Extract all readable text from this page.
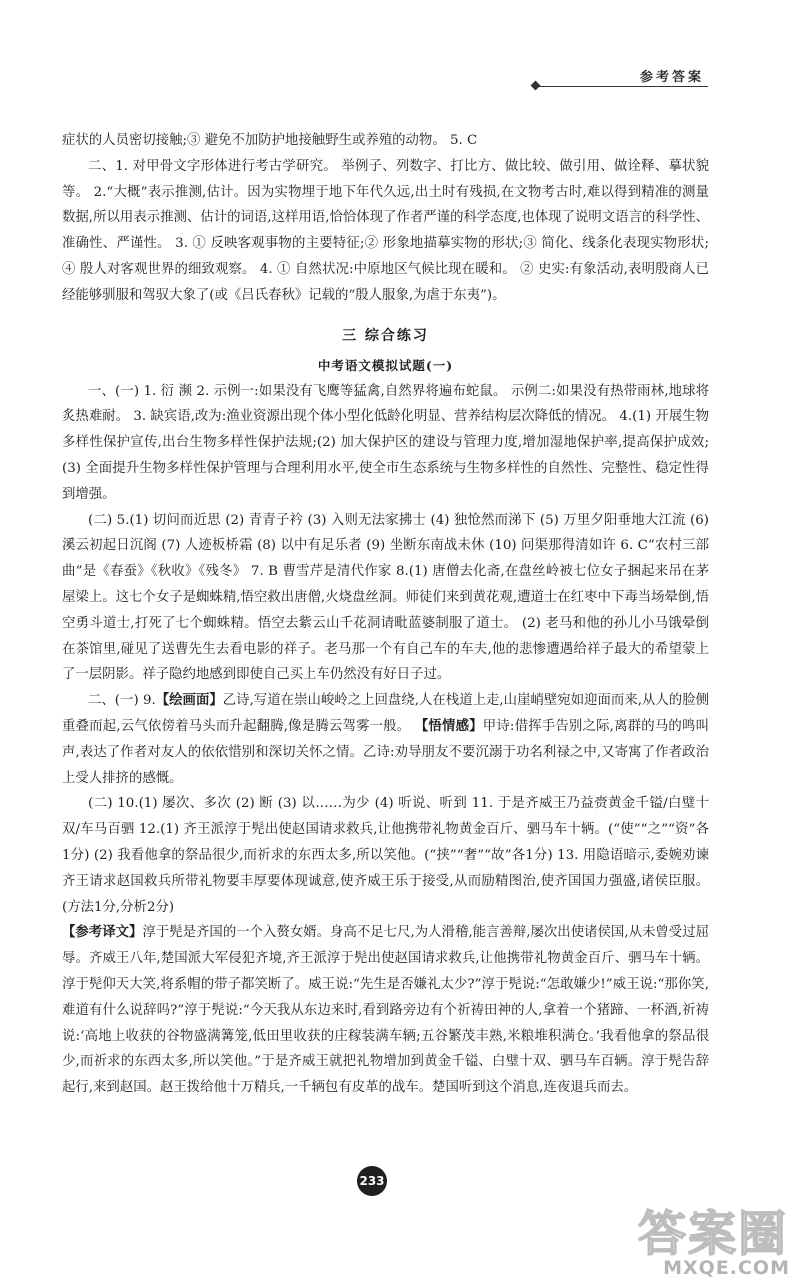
参考答案

症状的人员密切接触;③ 避免不加防护地接触野生或养殖的动物。 5. C

二、1. 对甲骨文字形体进行考古学研究。 举例子、列数字、打比方、做比较、做引用、做诠释、摹状貌等。 2.“大概”表示推测,估计。因为实物埋于地下年代久远,出土时有残损,在文物考古时,难以得到精准的测量数据,所以用表示推测、估计的词语,这样用语,恰恰体现了作者严谨的科学态度,也体现了说明文语言的科学性、准确性、严谨性。 3. ① 反映客观事物的主要特征;② 形象地描摹实物的形状;③ 简化、线条化表现实物形状;④ 殷人对客观世界的细致观察。 4. ① 自然状况:中原地区气候比现在暖和。 ② 史实:有象活动,表明殷商人已经能够驯服和驾驭大象了(或《吕氏春秋》记载的“殷人服象,为虐于东夷”)。

三 综合练习
中考语文模拟试题(一)

一、(一) 1. 衍 濒 2. 示例一:如果没有飞鹰等猛禽,自然界将遍布蛇鼠。 示例二:如果没有热带雨林,地球将炙热难耐。 3. 缺宾语,改为:渔业资源出现个体小型化低龄化明显、营养结构层次降低的情况。 4.(1) 开展生物多样性保护宣传,出台生物多样性保护法规;(2) 加大保护区的建设与管理力度,增加湿地保护率,提高保护成效;(3) 全面提升生物多样性保护管理与合理利用水平,使全市生态系统与生物多样性的自然性、完整性、稳定性得到增强。

(二) 5.(1) 切问而近思 (2) 青青子衿 (3) 入则无法家拂士 (4) 独怆然而涕下 (5) 万里夕阳垂地大江流 (6) 溪云初起日沉阁 (7) 人迹板桥霜 (8) 以中有足乐者 (9) 坐断东南战未休 (10) 问渠那得清如许 6. C“农村三部曲”是《春蚕》《秋收》《残冬》 7. B 曹雪芹是清代作家 8.(1) 唐僧去化斋,在盘丝岭被七位女子捆起来吊在茅屋梁上。这七个女子是蜘蛛精,悟空救出唐僧,火烧盘丝洞。师徒们来到黄花观,遭道士在红枣中下毒当场晕倒,悟空勇斗道士,打死了七个蜘蛛精。悟空去紫云山千花洞请毗蓝婆制服了道士。 (2) 老马和他的孙儿小马饿晕倒在茶馆里,碰见了送曹先生去看电影的祥子。老马那一个有自己车的车夫,他的悲惨遭遇给祥子最大的希望蒙上了一层阴影。祥子隐约地感到即使自己买上车仍然没有好日子过。

二、(一) 9.【绘画面】乙诗,写道在崇山峻岭之上回盘绕,人在栈道上走,山崖峭壁宛如迎面而来,从人的脸侧重叠而起,云气依傍着马头而升起翻腾,像是腾云驾雾一般。 【悟情感】甲诗:借挥手告别之际,离群的马的鸣叫声,表达了作者对友人的依依惜别和深切关怀之情。乙诗:劝导朋友不要沉溺于功名利禄之中,又寄寓了作者政治上受人排挤的感慨。

(二) 10.(1) 屡次、多次 (2) 断 (3) 以……为少 (4) 听说、听到 11. 于是齐威王乃益赍黄金千镒/白璧十双/车马百驷 12.(1) 齐王派淳于髡出使赵国请求救兵,让他携带礼物黄金百斤、驷马车十辆。(“使”“之”“资”各1分) (2) 我看他拿的祭品很少,而祈求的东西太多,所以笑他。(“挟”“奢”“故”各1分) 13. 用隐语暗示,委婉劝谏齐王请求赵国救兵所带礼物要丰厚要体现诚意,使齐威王乐于接受,从而励精图治,使齐国国力强盛,诸侯臣服。(方法1分,分析2分)

【参考译文】淳于髡是齐国的一个入赘女婿。身高不足七尺,为人滑稽,能言善辩,屡次出使诸侯国,从未曾受过屈辱。齐威王八年,楚国派大军侵犯齐境,齐王派淳于髡出使赵国请求救兵,让他携带礼物黄金百斤、驷马车十辆。淳于髡仰天大笑,将系帽的带子都笑断了。威王说:“先生是否嫌礼太少?”淳于髡说:“怎敢嫌少!”威王说:“那你笑,难道有什么说辞吗?”淳于髡说:“今天我从东边来时,看到路旁边有个祈祷田神的人,拿着一个猪蹄、一杯酒,祈祷说:‘高地上收获的谷物盛满篝笼,低田里收获的庄稼装满车辆;五谷繁茂丰熟,米粮堆积满仓。’我看他拿的祭品很少,而祈求的东西太多,所以笑他。”于是齐威王就把礼物增加到黄金千镒、白璧十双、驷马车百辆。淳于髡告辞起行,来到赵国。赵王拨给他十万精兵,一千辆包有皮革的战车。楚国听到这个消息,连夜退兵而去。

233
答案圈
MXQE.COM
